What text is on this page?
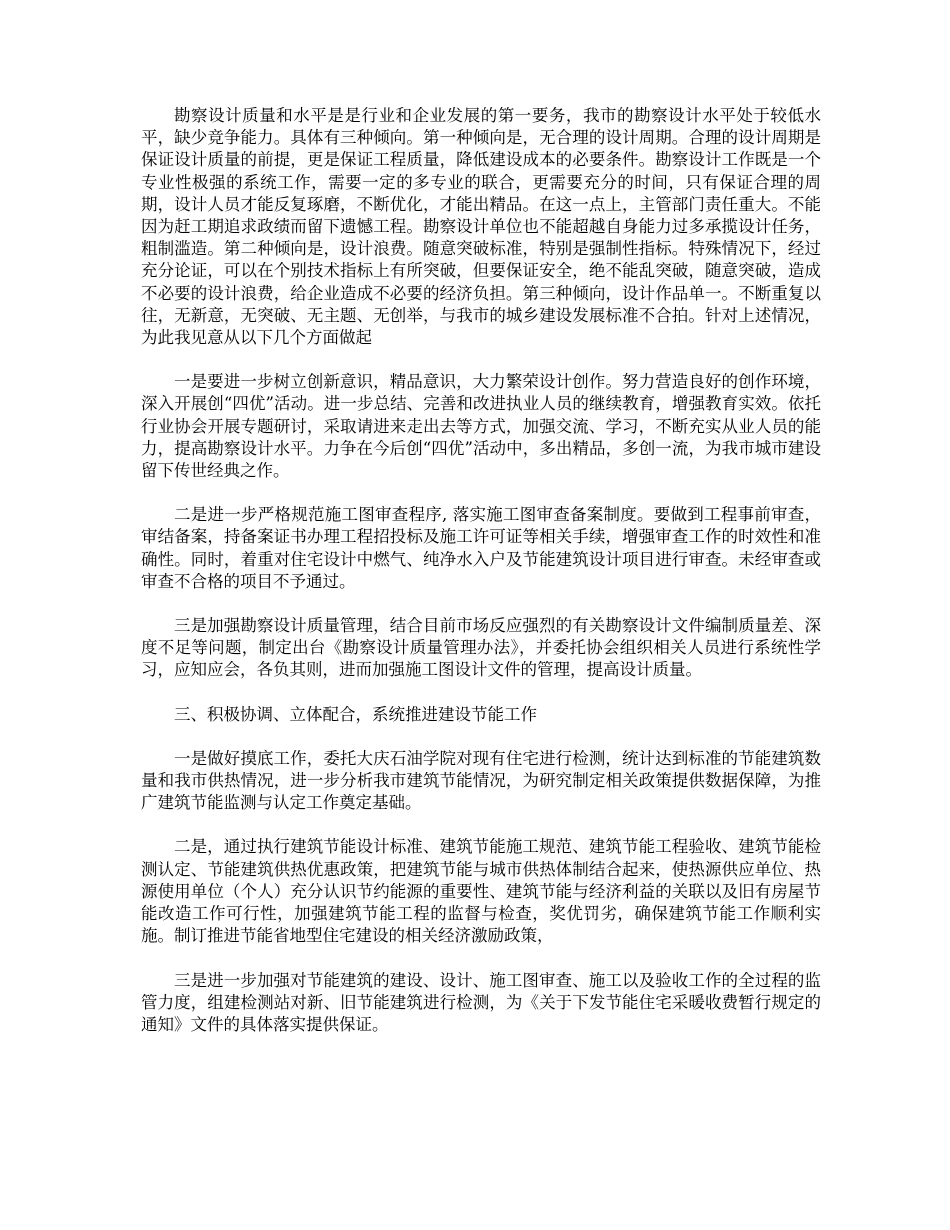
勘察设计质量和水平是是行业和企业发展的第一要务，我市的勘察设计水平处于较低水平，缺少竞争能力。具体有三种倾向。第一种倾向是，无合理的设计周期。合理的设计周期是保证设计质量的前提，更是保证工程质量，降低建设成本的必要条件。勘察设计工作既是一个专业性极强的系统工作，需要一定的多专业的联合，更需要充分的时间，只有保证合理的周期，设计人员才能反复琢磨，不断优化，才能出精品。在这一点上，主管部门责任重大。不能因为赶工期追求政绩而留下遗憾工程。勘察设计单位也不能超越自身能力过多承揽设计任务，粗制滥造。第二种倾向是，设计浪费。随意突破标准，特别是强制性指标。特殊情况下，经过充分论证，可以在个别技术指标上有所突破，但要保证安全，绝不能乱突破，随意突破，造成不必要的设计浪费，给企业造成不必要的经济负担。第三种倾向，设计作品单一。不断重复以往，无新意，无突破、无主题、无创举，与我市的城乡建设发展标准不合拍。针对上述情况，为此我见意从以下几个方面做起

一是要进一步树立创新意识，精品意识，大力繁荣设计创作。努力营造良好的创作环境，深入开展创“四优”活动。进一步总结、完善和改进执业人员的继续教育，增强教育实效。依托行业协会开展专题研讨，采取请进来走出去等方式，加强交流、学习，不断充实从业人员的能力，提高勘察设计水平。力争在今后创“四优”活动中，多出精品，多创一流，为我市城市建设留下传世经典之作。

二是进一步严格规范施工图审查程序, 落实施工图审查备案制度。要做到工程事前审查，审结备案，持备案证书办理工程招投标及施工许可证等相关手续，增强审查工作的时效性和准确性。同时，着重对住宅设计中燃气、纯净水入户及节能建筑设计项目进行审查。未经审查或审查不合格的项目不予通过。

三是加强勘察设计质量管理，结合目前市场反应强烈的有关勘察设计文件编制质量差、深度不足等问题，制定出台《勘察设计质量管理办法》，并委托协会组织相关人员进行系统性学习，应知应会，各负其则，进而加强施工图设计文件的管理，提高设计质量。

三、积极协调、立体配合，系统推进建设节能工作

一是做好摸底工作，委托大庆石油学院对现有住宅进行检测，统计达到标准的节能建筑数量和我市供热情况，进一步分析我市建筑节能情况，为研究制定相关政策提供数据保障，为推广建筑节能监测与认定工作奠定基础。

二是，通过执行建筑节能设计标准、建筑节能施工规范、建筑节能工程验收、建筑节能检测认定、节能建筑供热优惠政策，把建筑节能与城市供热体制结合起来，使热源供应单位、热源使用单位（个人）充分认识节约能源的重要性、建筑节能与经济利益的关联以及旧有房屋节能改造工作可行性，加强建筑节能工程的监督与检查，奖优罚劣，确保建筑节能工作顺利实施。制订推进节能省地型住宅建设的相关经济激励政策，

三是进一步加强对节能建筑的建设、设计、施工图审查、施工以及验收工作的全过程的监管力度，组建检测站对新、旧节能建筑进行检测，为《关于下发节能住宅采暖收费暂行规定的通知》文件的具体落实提供保证。
